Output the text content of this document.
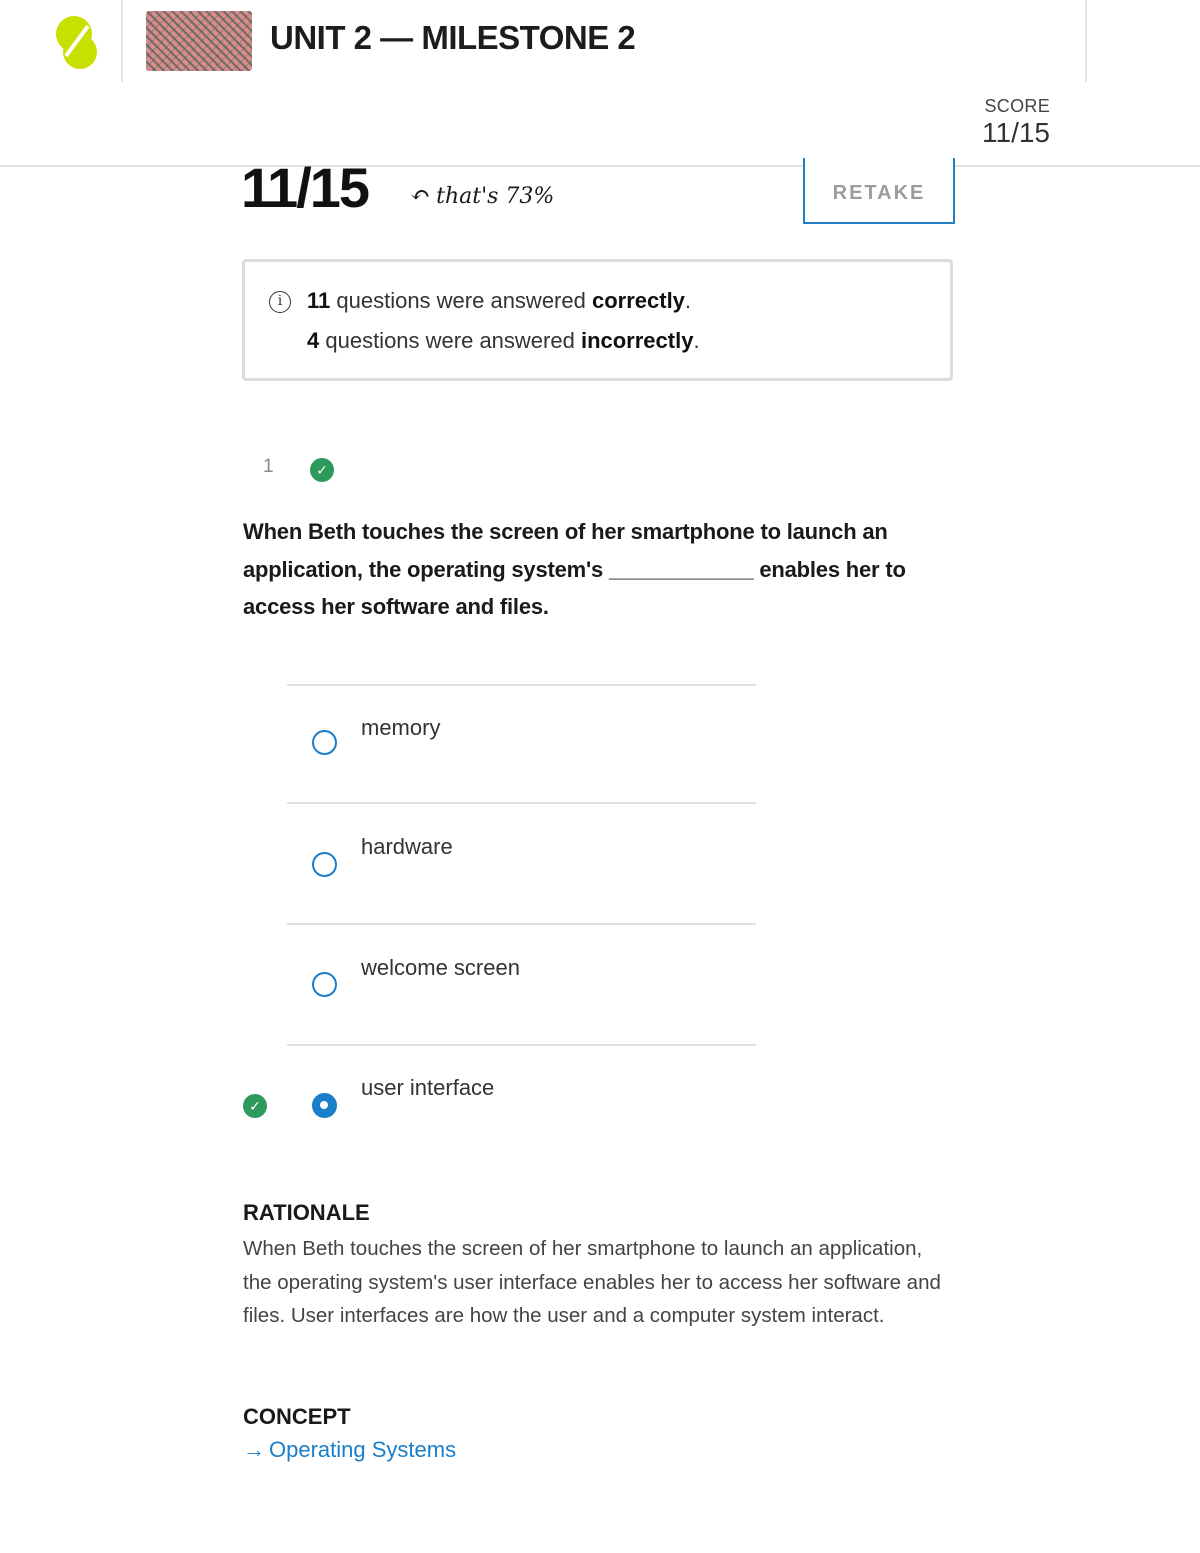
UNIT 2 — MILESTONE 2
SCORE
11/15
11/15 ↶ that's 73%	RETAKE
i	11 questions were answered correctly.
4 questions were answered incorrectly.
1	✓
When Beth touches the screen of her smartphone to launch an application, the operating system's ____________ enables her to access her software and files.
memory
hardware
welcome screen
✓
user interface
RATIONALE
When Beth touches the screen of her smartphone to launch an application, the operating system's user interface enables her to access her software and files. User interfaces are how the user and a computer system interact.
CONCEPT
→ Operating Systems
